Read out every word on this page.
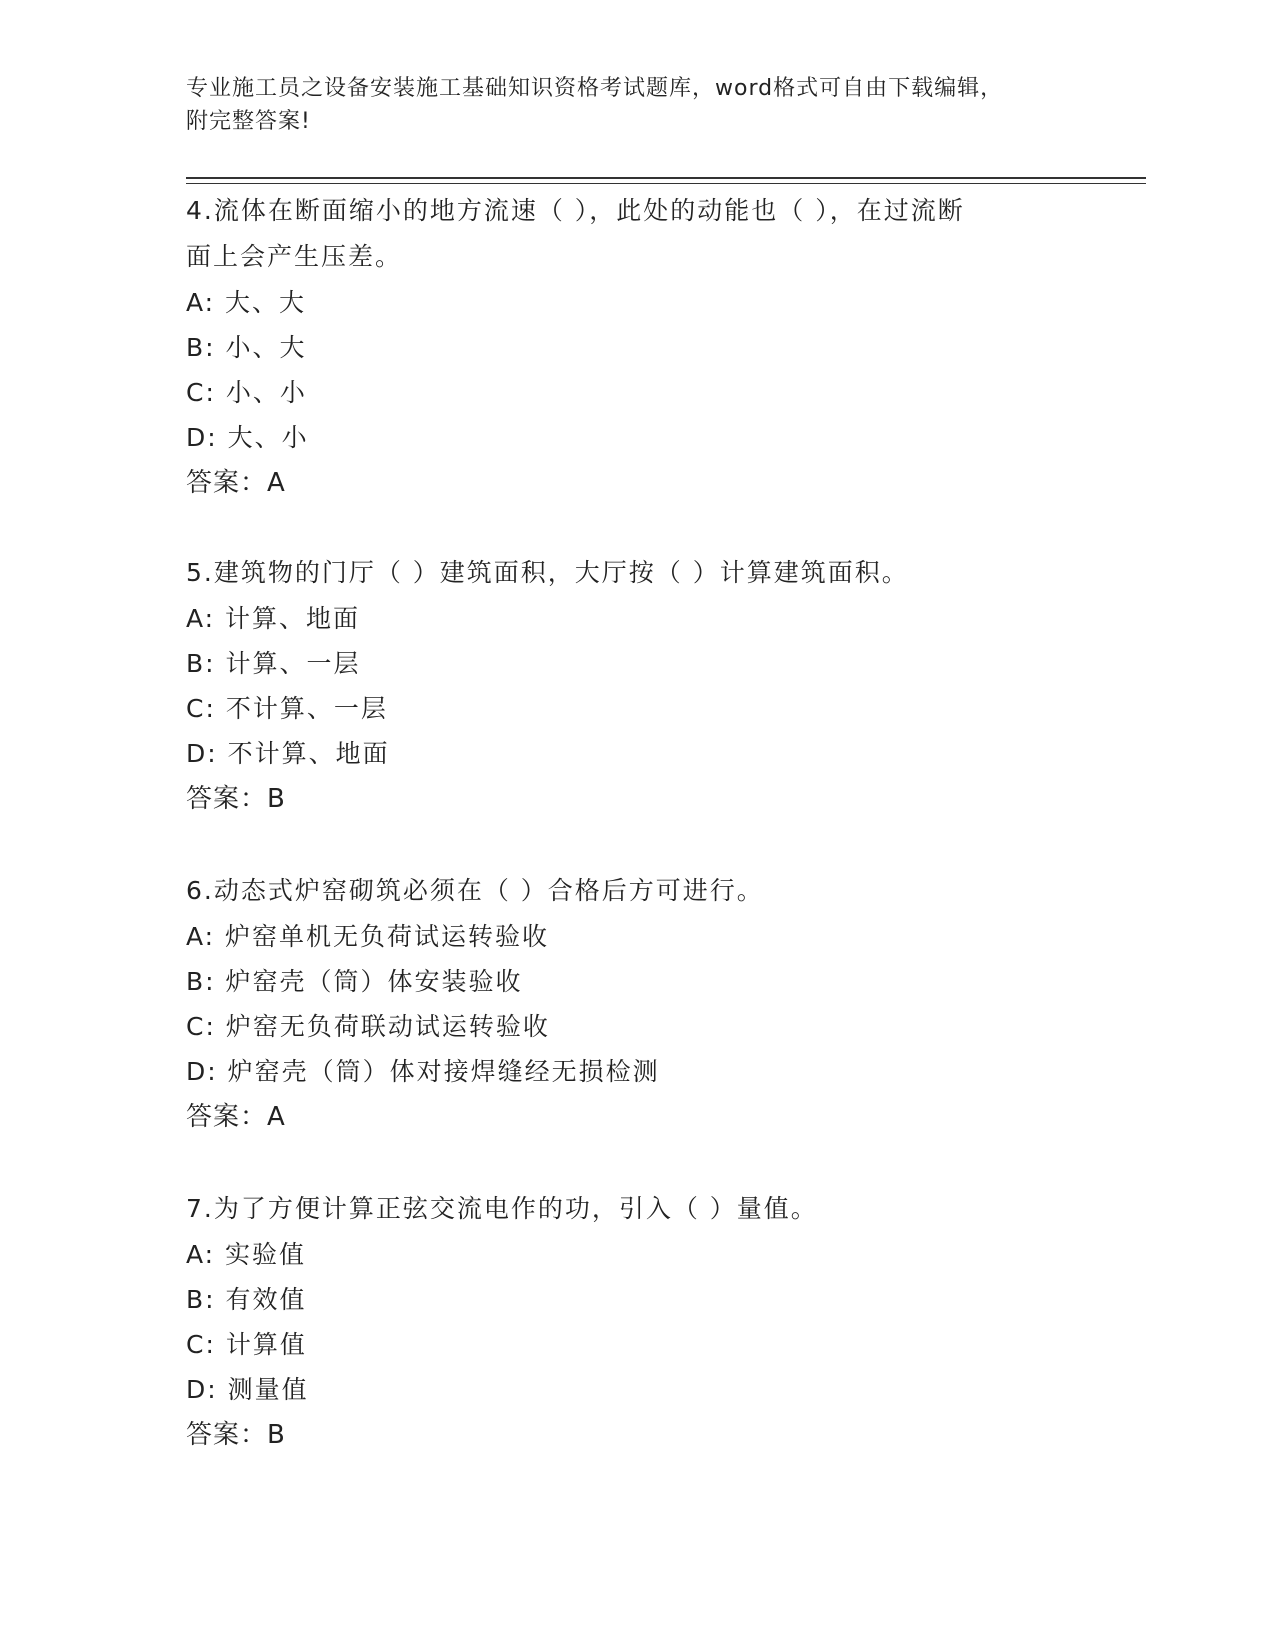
专业施工员之设备安装施工基础知识资格考试题库，word格式可自由下载编辑，
附完整答案!
4.流体在断面缩小的地方流速（ ），此处的动能也（ ），在过流断
面上会产生压差。
A: 大、大
B: 小、大
C: 小、小
D: 大、小
答案：A
5.建筑物的门厅（ ）建筑面积，大厅按（ ）计算建筑面积。
A: 计算、地面
B: 计算、一层
C: 不计算、一层
D: 不计算、地面
答案：B
6.动态式炉窑砌筑必须在（ ）合格后方可进行。
A: 炉窑单机无负荷试运转验收
B: 炉窑壳（筒）体安装验收
C: 炉窑无负荷联动试运转验收
D: 炉窑壳（筒）体对接焊缝经无损检测
答案：A
7.为了方便计算正弦交流电作的功，引入（ ）量值。
A: 实验值
B: 有效值
C: 计算值
D: 测量值
答案：B
